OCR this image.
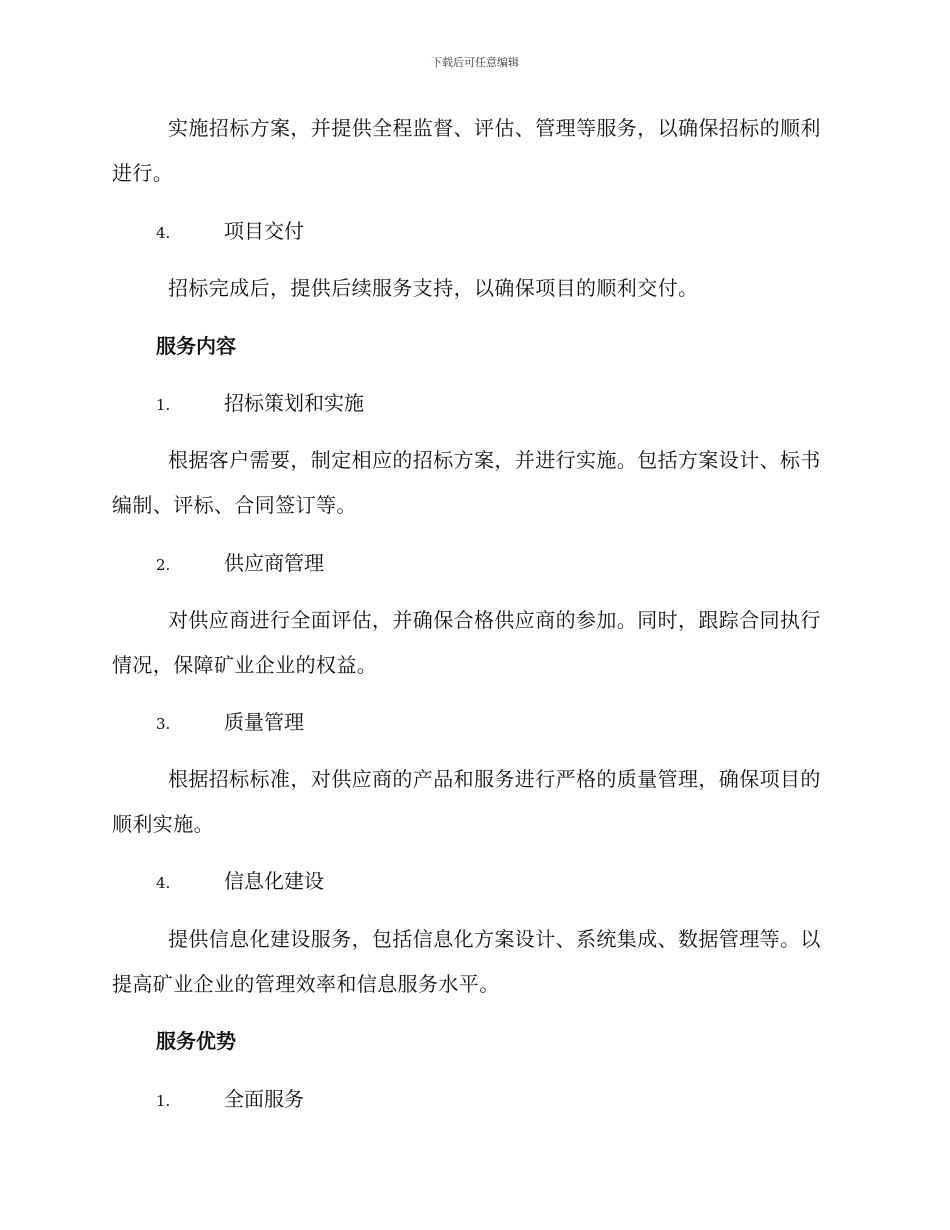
下载后可任意编辑
实施招标方案，并提供全程监督、评估、管理等服务，以确保招标的顺利进行。
4.	项目交付
招标完成后，提供后续服务支持，以确保项目的顺利交付。
服务内容
1.	招标策划和实施
根据客户需要，制定相应的招标方案，并进行实施。包括方案设计、标书编制、评标、合同签订等。
2.	供应商管理
对供应商进行全面评估，并确保合格供应商的参加。同时，跟踪合同执行情况，保障矿业企业的权益。
3.	质量管理
根据招标标准，对供应商的产品和服务进行严格的质量管理，确保项目的顺利实施。
4.	信息化建设
提供信息化建设服务，包括信息化方案设计、系统集成、数据管理等。以提高矿业企业的管理效率和信息服务水平。
服务优势
1.	全面服务
